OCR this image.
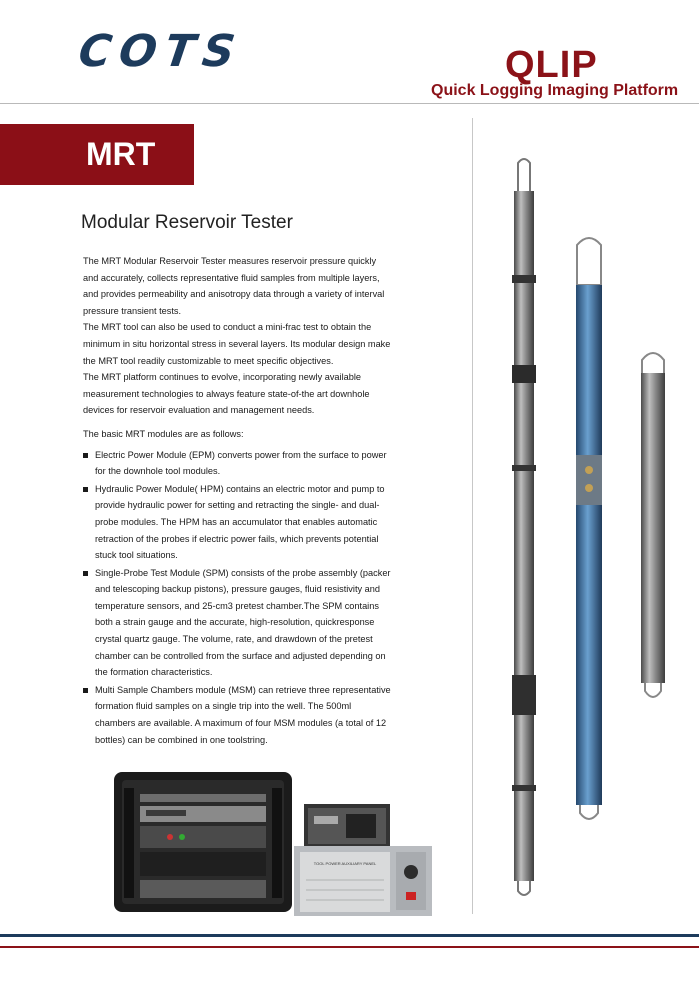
COTS	QLIP
Quick Logging Imaging Platform
MRT
Modular Reservoir Tester

The MRT Modular Reservoir Tester measures reservoir pressure quickly and accurately, collects representative fluid samples from multiple layers, and provides permeability and anisotropy data through a variety of interval pressure transient tests.

The MRT tool can also be used to conduct a mini-frac test to obtain the minimum in situ horizontal stress in several layers. Its modular design make the MRT tool readily customizable to meet specific objectives.

The MRT platform continues to evolve, incorporating newly available measurement technologies to always feature state-of-the art downhole devices for reservoir evaluation and management needs.

The basic MRT modules are as follows:

Electric Power Module (EPM) converts power from the surface to power for the downhole tool modules.
Hydraulic Power Module( HPM) contains an electric motor and pump to provide hydraulic power for setting and retracting the single- and dual-probe modules. The HPM has an accumulator that enables automatic retraction of the probes if electric power fails, which prevents potential stuck tool situations.
Single-Probe Test Module (SPM) consists of the probe assembly (packer and telescoping backup pistons), pressure gauges, fluid resistivity and temperature sensors, and 25-cm3 pretest chamber.The SPM contains both a strain gauge and the accurate, high-resolution, quickresponse crystal quartz gauge. The volume, rate, and drawdown of the pretest chamber can be controlled from the surface and adjusted depending on the formation characteristics.
Multi Sample Chambers module (MSM) can retrieve three representative formation fluid samples on a single trip into the well. The 500ml chambers are available. A maximum of four MSM modules (a total of 12 bottles) can be combined in one toolstring.
TOOL POWER AUXILIARY PANEL
